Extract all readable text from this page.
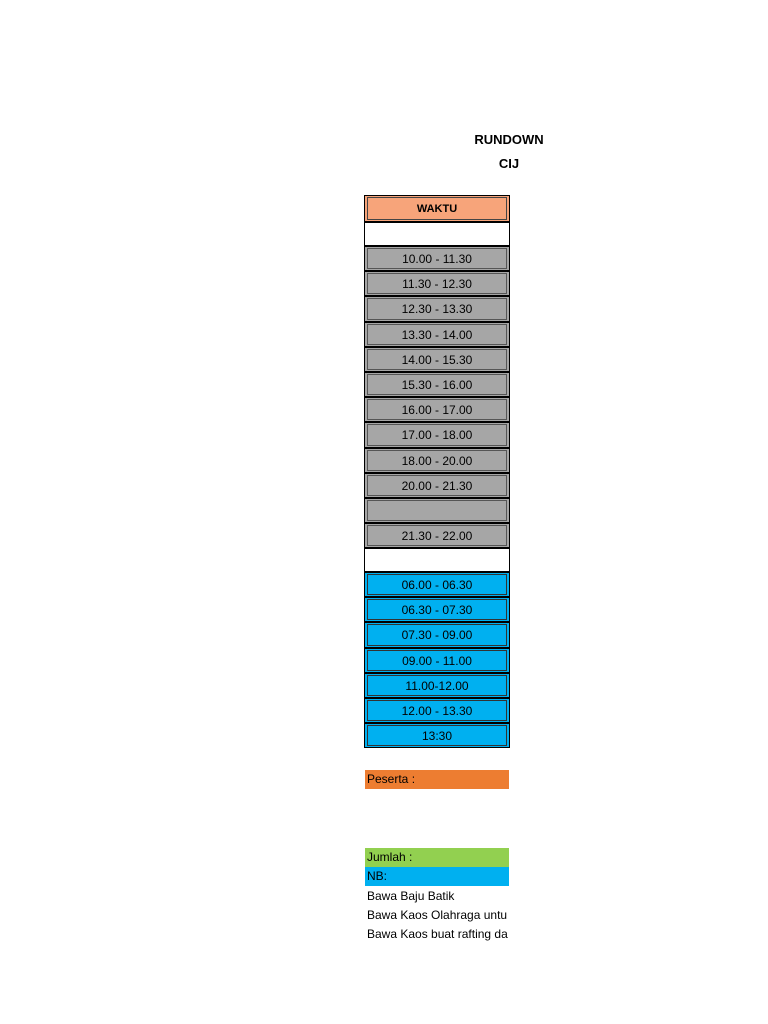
RUNDOWN
CIJ
WAKTU
10.00 - 11.30
11.30 - 12.30
12.30 - 13.30
13.30 - 14.00
14.00 - 15.30
15.30 - 16.00
16.00 - 17.00
17.00 - 18.00
18.00 - 20.00
20.00 - 21.30
21.30 - 22.00
06.00 - 06.30
06.30 - 07.30
07.30 - 09.00
09.00 - 11.00
11.00-12.00
12.00 - 13.30
13:30
Peserta :
Jumlah :
NB:
Bawa Baju Batik
Bawa Kaos Olahraga untu
Bawa Kaos buat rafting da
